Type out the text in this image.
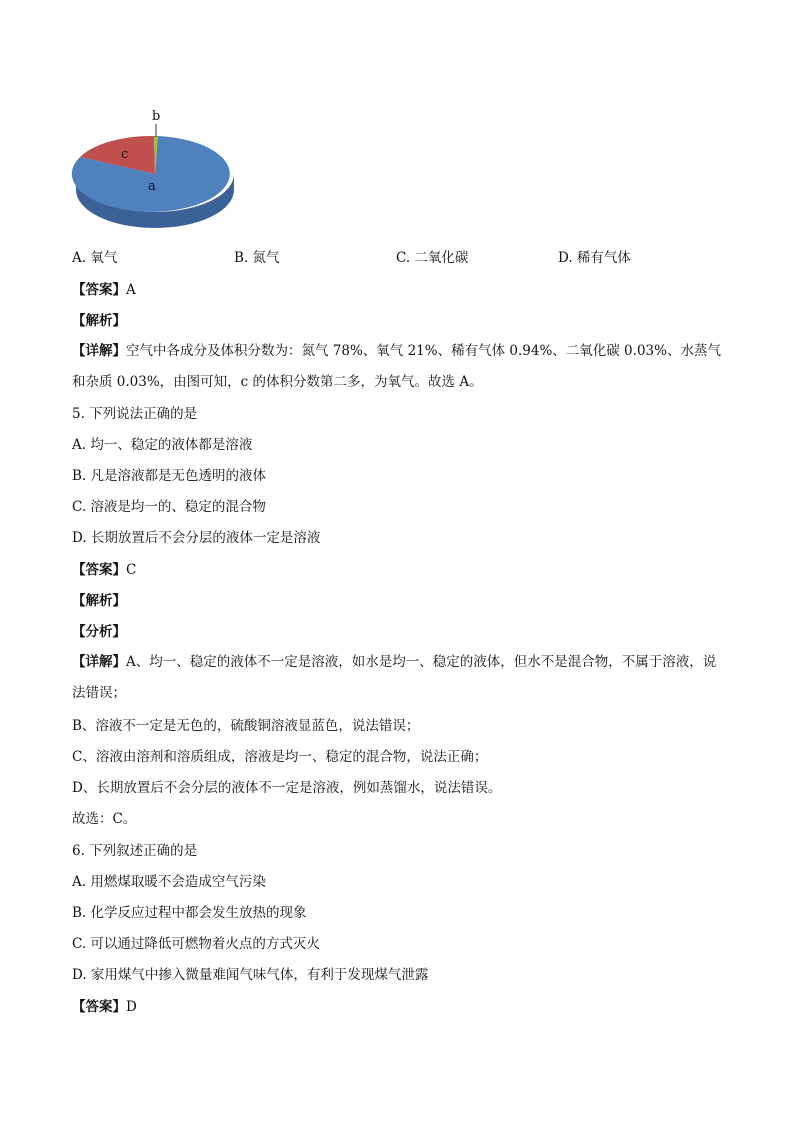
b
c
a
A. 氧气	B. 氮气	C. 二氧化碳	D. 稀有气体
【答案】A
【解析】
【详解】空气中各成分及体积分数为：氮气 78%、氧气 21%、稀有气体 0.94%、二氧化碳 0.03%、水蒸气和杂质 0.03%，由图可知，c 的体积分数第二多，为氧气。故选 A。
5. 下列说法正确的是
A. 均一、稳定的液体都是溶液
B. 凡是溶液都是无色透明的液体
C. 溶液是均一的、稳定的混合物
D. 长期放置后不会分层的液体一定是溶液
【答案】C
【解析】
【分析】
【详解】A、均一、稳定的液体不一定是溶液，如水是均一、稳定的液体，但水不是混合物，不属于溶液，说法错误；
B、溶液不一定是无色的，硫酸铜溶液显蓝色，说法错误；
C、溶液由溶剂和溶质组成，溶液是均一、稳定的混合物，说法正确；
D、长期放置后不会分层的液体不一定是溶液，例如蒸馏水，说法错误。
故选：C。
6. 下列叙述正确的是
A. 用燃煤取暖不会造成空气污染
B. 化学反应过程中都会发生放热的现象
C. 可以通过降低可燃物着火点的方式灭火
D. 家用煤气中掺入微量难闻气味气体，有利于发现煤气泄露
【答案】D
